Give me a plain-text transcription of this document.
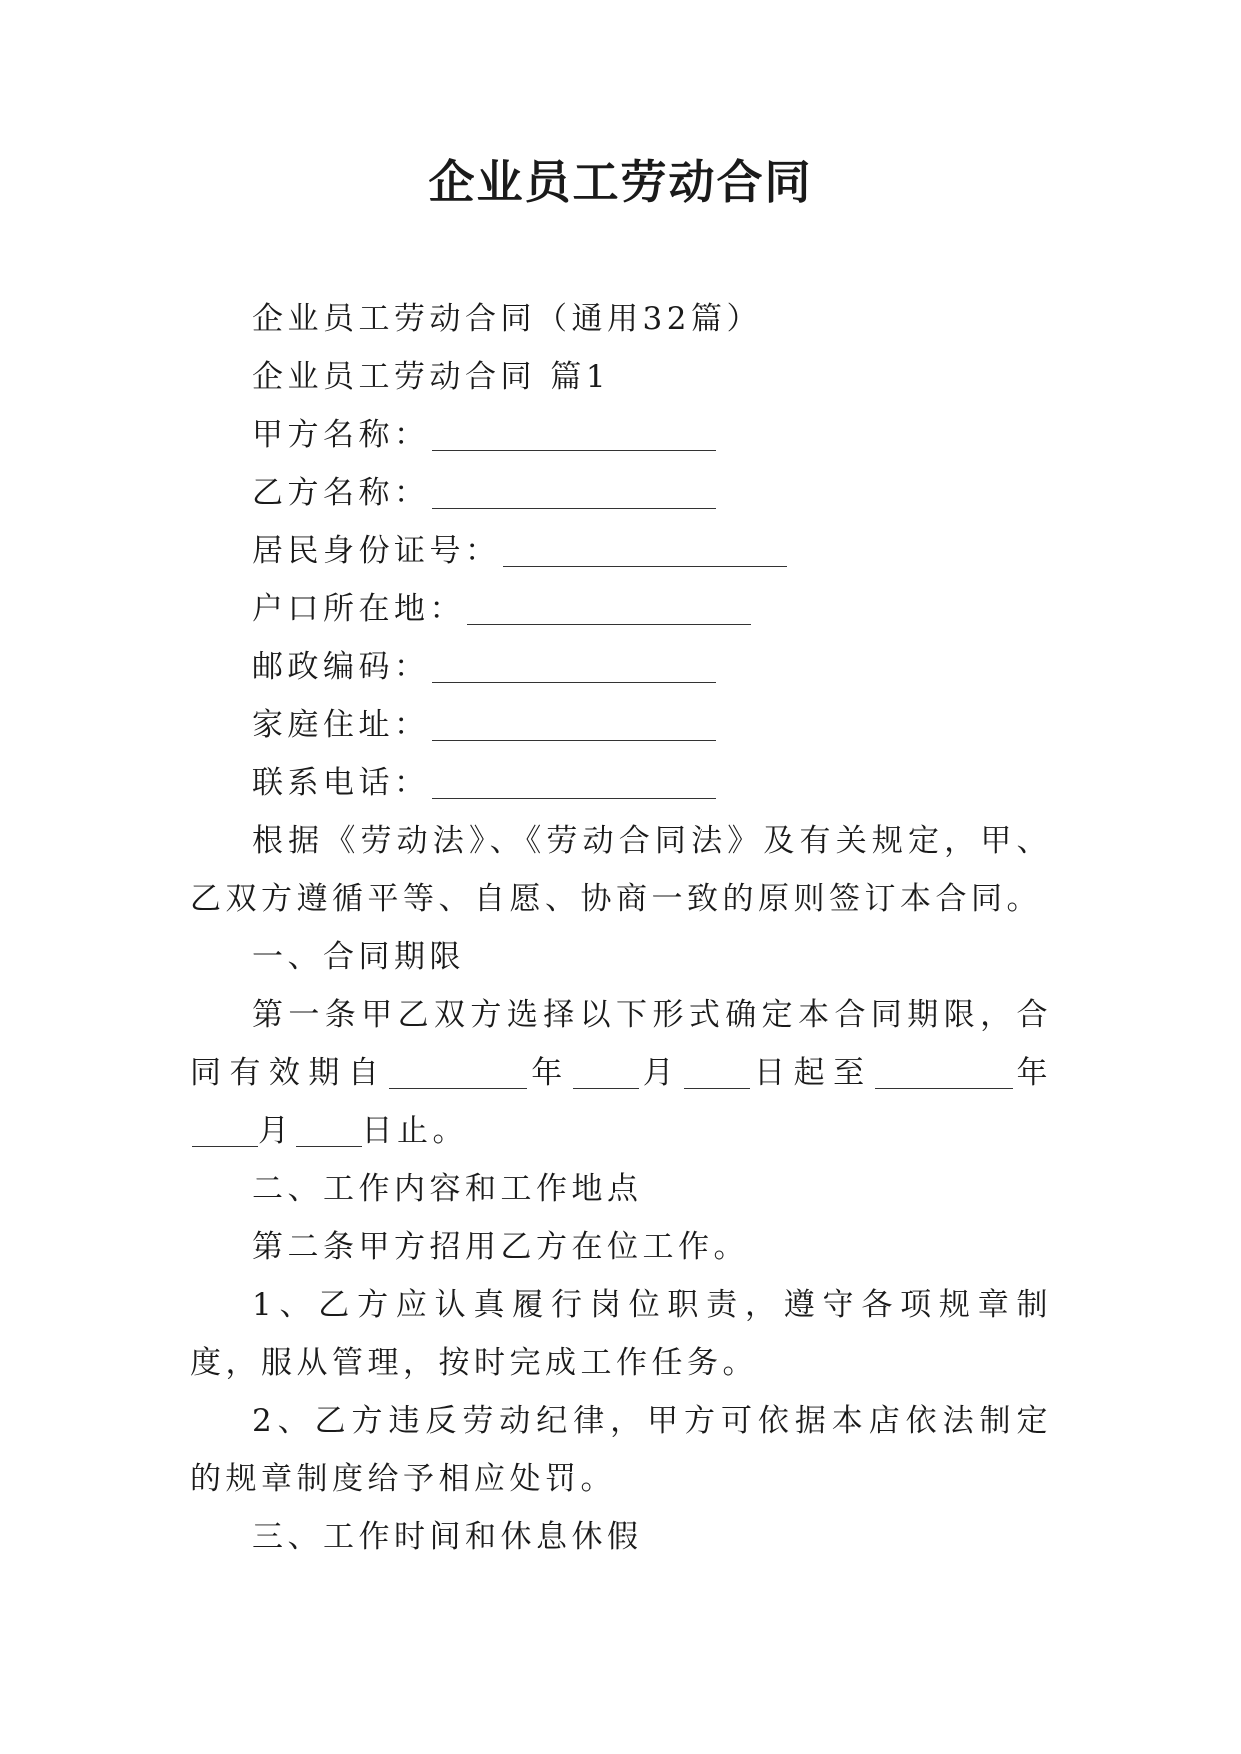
企业员工劳动合同

企业员工劳动合同（通用32篇）

企业员工劳动合同 篇1

甲方名称：

乙方名称：

居民身份证号：

户口所在地：

邮政编码：

家庭住址：

联系电话：

根据《劳动法》、《劳动合同法》及有关规定，甲、乙双方遵循平等、自愿、协商一致的原则签订本合同。

一、合同期限

第一条甲乙双方选择以下形式确定本合同期限，合同有效期自	年 月 日起至	年月 日止。

二、工作内容和工作地点

第二条甲方招用乙方在位工作。

1、乙方应认真履行岗位职责，遵守各项规章制度，服从管理，按时完成工作任务。

2、乙方违反劳动纪律，甲方可依据本店依法制定的规章制度给予相应处罚。

三、工作时间和休息休假
